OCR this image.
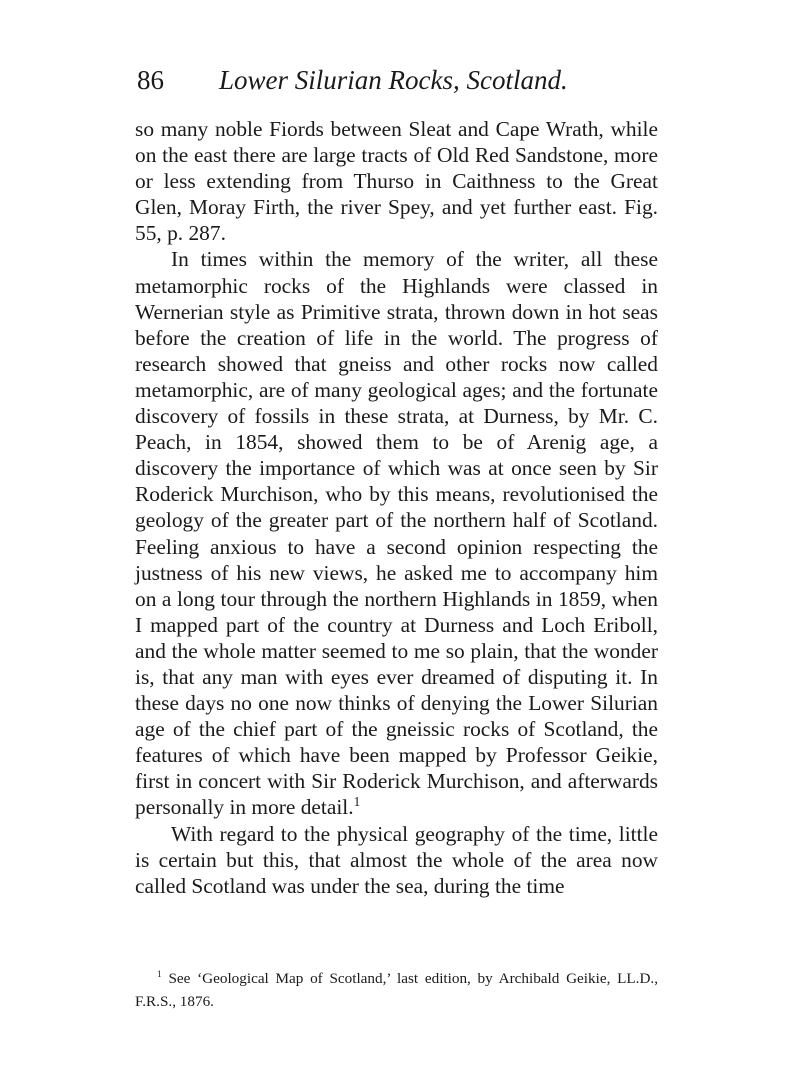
86 Lower Silurian Rocks, Scotland.

so many noble Fiords between Sleat and Cape Wrath, while on the east there are large tracts of Old Red Sandstone, more or less extending from Thurso in Caithness to the Great Glen, Moray Firth, the river Spey, and yet further east. Fig. 55, p. 287.

In times within the memory of the writer, all these metamorphic rocks of the Highlands were classed in Wernerian style as Primitive strata, thrown down in hot seas before the creation of life in the world. The progress of research showed that gneiss and other rocks now called metamorphic, are of many geological ages; and the fortunate discovery of fossils in these strata, at Durness, by Mr. C. Peach, in 1854, showed them to be of Arenig age, a discovery the importance of which was at once seen by Sir Roderick Murchison, who by this means, revolutionised the geology of the greater part of the northern half of Scotland. Feeling anxious to have a second opinion respecting the justness of his new views, he asked me to accompany him on a long tour through the northern Highlands in 1859, when I mapped part of the country at Durness and Loch Eriboll, and the whole matter seemed to me so plain, that the wonder is, that any man with eyes ever dreamed of disputing it. In these days no one now thinks of denying the Lower Silurian age of the chief part of the gneissic rocks of Scotland, the features of which have been mapped by Professor Geikie, first in concert with Sir Roderick Murchison, and afterwards personally in more detail.$^1$

With regard to the physical geography of the time, little is certain but this, that almost the whole of the area now called Scotland was under the sea, during the time

$^1$ See ‘Geological Map of Scotland,’ last edition, by Archibald Geikie, LL.D., F.R.S., 1876.
